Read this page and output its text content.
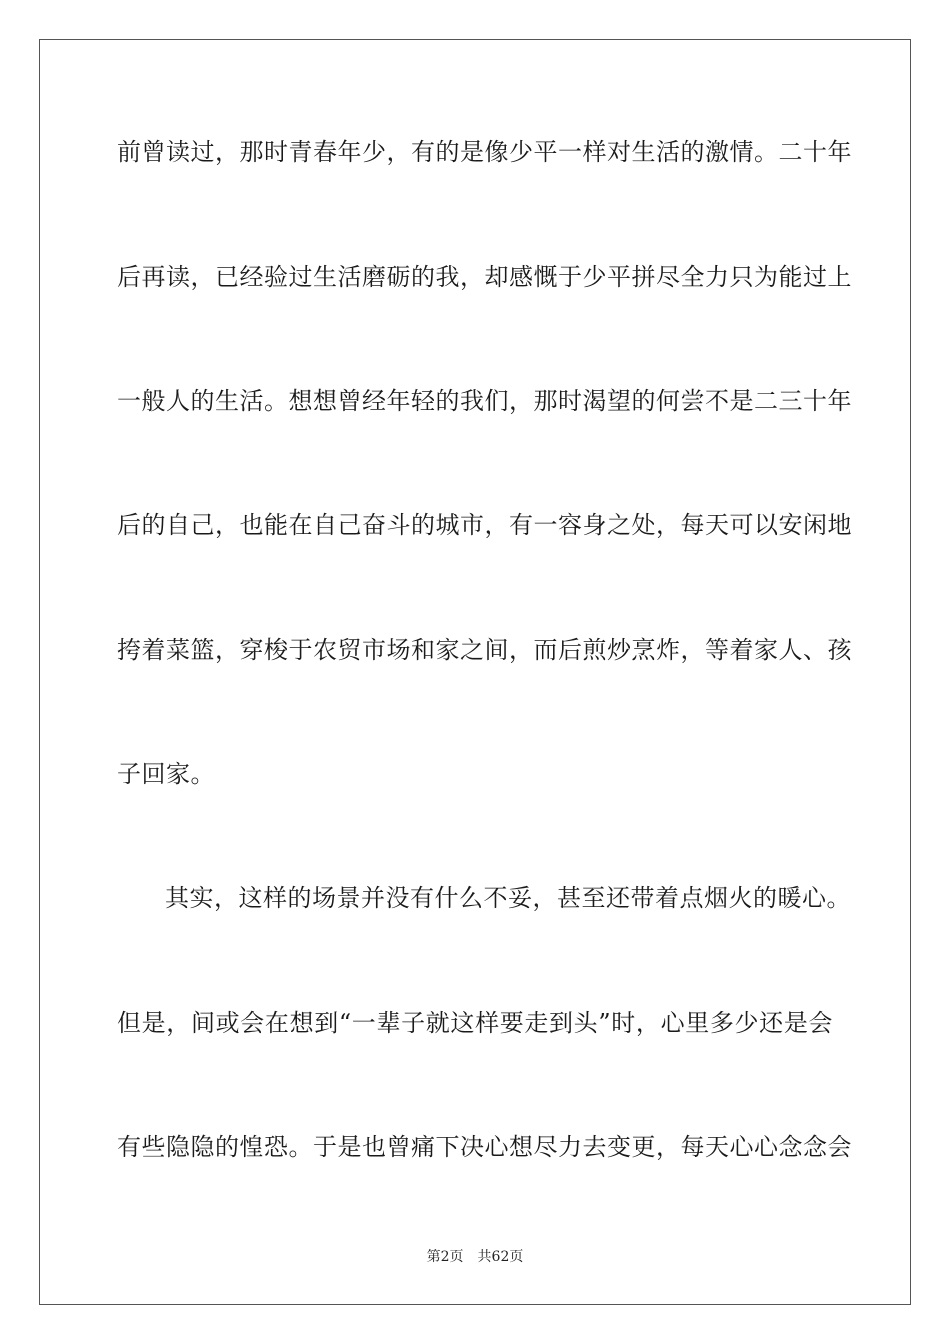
前曾读过，那时青春年少，有的是像少平一样对生活的激情。二十年
后再读，已经验过生活磨砺的我，却感慨于少平拼尽全力只为能过上
一般人的生活。想想曾经年轻的我们，那时渴望的何尝不是二三十年
后的自己，也能在自己奋斗的城市，有一容身之处，每天可以安闲地
挎着菜篮，穿梭于农贸市场和家之间，而后煎炒烹炸，等着家人、孩
子回家。
其实，这样的场景并没有什么不妥，甚至还带着点烟火的暖心。
但是，间或会在想到“一辈子就这样要走到头”时，心里多少还是会
有些隐隐的惶恐。于是也曾痛下决心想尽力去变更，每天心心念念会
第2页 共62页
